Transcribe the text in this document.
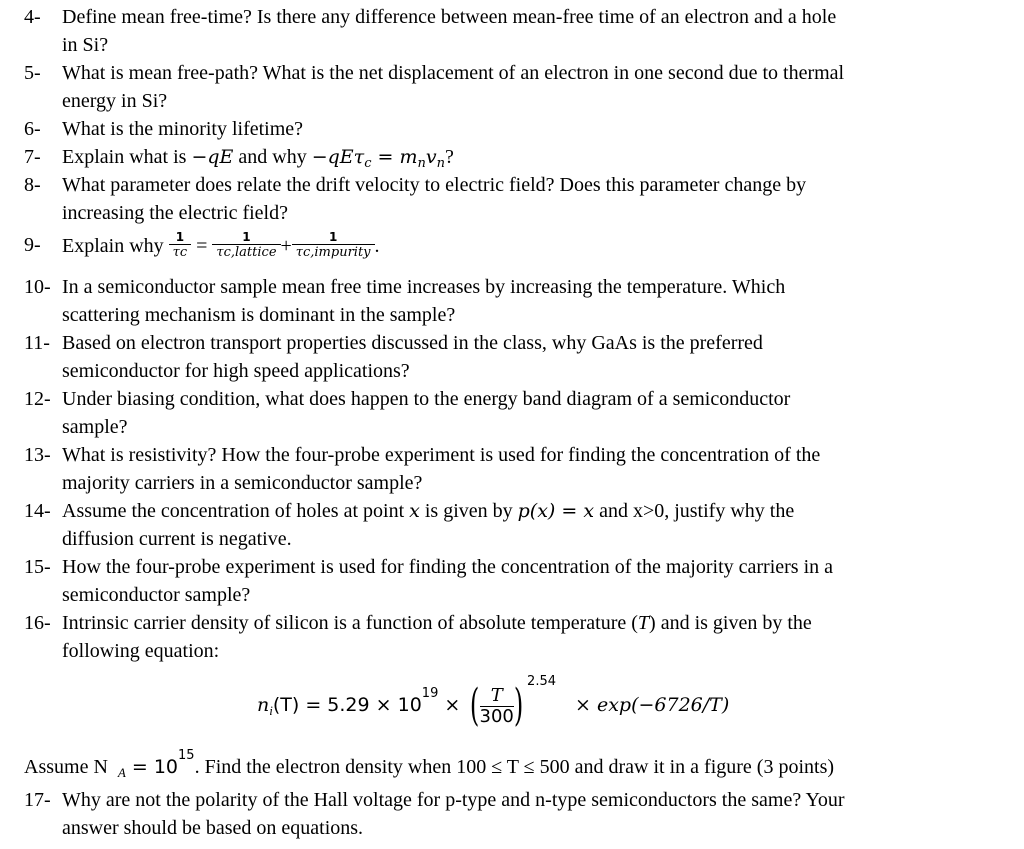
4- Define mean free-time? Is there any difference between mean-free time of an electron and a hole
in Si?
5- What is mean free-path? What is the net displacement of an electron in one second due to thermal
energy in Si?
6- What is the minority lifetime?
7- Explain what is −qE and why $-qE\tau_c = m_nv_n$?
8- What parameter does relate the drift velocity to electric field? Does this parameter change by
increasing the electric field?
9- Explain why $\frac{1}{\tau c} = \frac{1}{\text{τc,lattice}} + \frac{1}{\text{τc,impurity}}$ .
10- In a semiconductor sample mean free time increases by increasing the temperature. Which
scattering mechanism is dominant in the sample?
11- Based on electron transport properties discussed in the class, why GaAs is the preferred
semiconductor for high speed applications?
12- Under biasing condition, what does happen to the energy band diagram of a semiconductor
sample?
13- What is resistivity? How the four-probe experiment is used for finding the concentration of the
majority carriers in a semiconductor sample?
14- Assume the concentration of holes at point x is given by p(x) = x and x>0, justify why the
diffusion current is negative.
15- How the four-probe experiment is used for finding the concentration of the majority carriers in a
semiconductor sample?
16- Intrinsic carrier density of silicon is a function of absolute temperature (T) and is given by the
following equation:
$n_i(T) = 5.29 \times 10^{19}$ × ( $\frac{T}{300}$ ) $^{2.54}$ × exp(−6726/T)
Assume N $_A = 10^{15}$. Find the electron density when 100 ≤ T ≤ 500 and draw it in a figure (3 points)
17- Why are not the polarity of the Hall voltage for p-type and n-type semiconductors the same? Your
answer should be based on equations.
